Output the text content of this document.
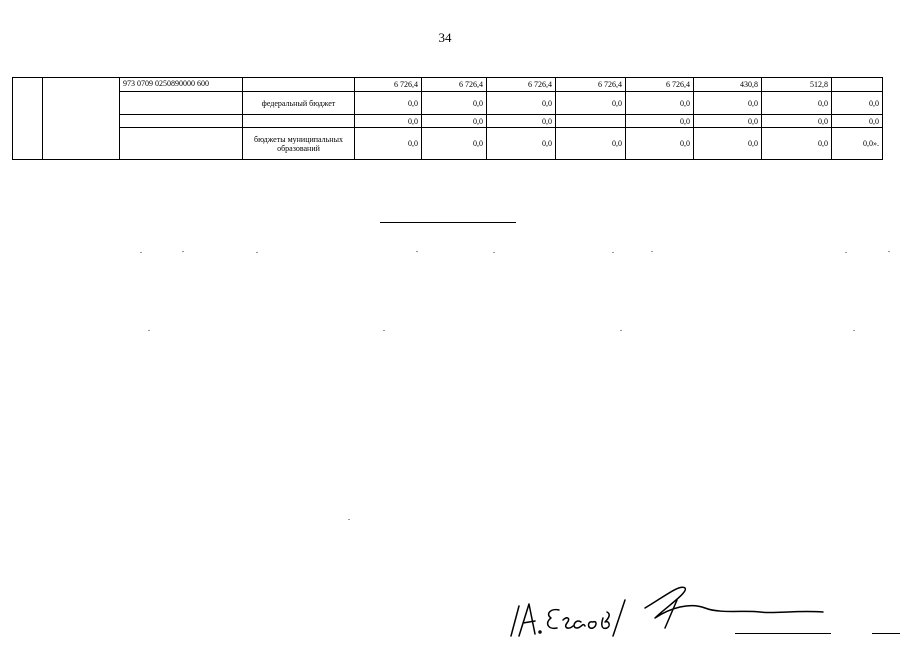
34
		973 0709 0250890000 600		6 726,4	6 726,4	6 726,4	6 726,4	6 726,4	430,8	512,8	
			федеральный бюджет	0,0	0,0	0,0	0,0	0,0	0,0	0,0	0,0
				0,0	0,0	0,0		0,0	0,0	0,0	0,0
			бюджеты муниципальных образований	0,0	0,0	0,0	0,0	0,0	0,0	0,0	0,0».
